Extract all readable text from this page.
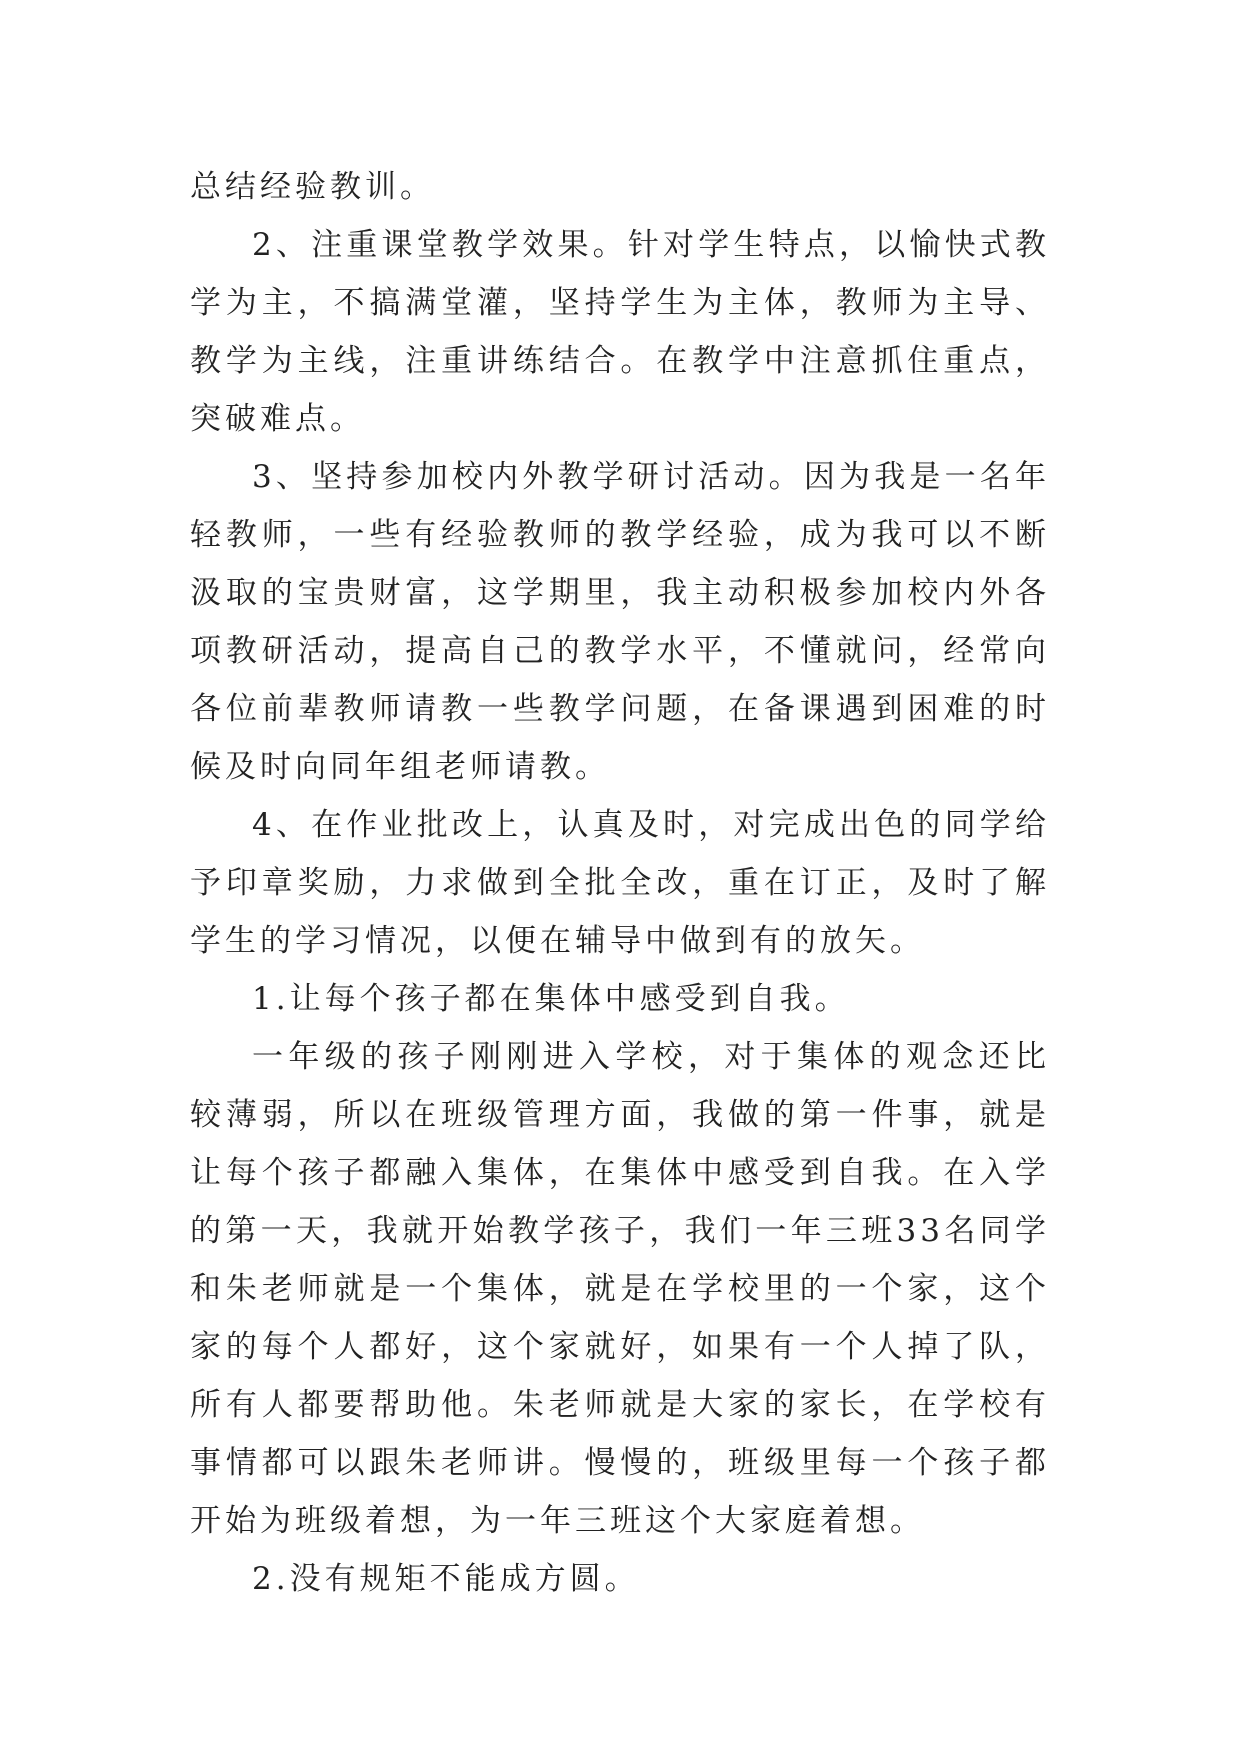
总结经验教训。

2、注重课堂教学效果。针对学生特点，以愉快式教学为主，不搞满堂灌，坚持学生为主体，教师为主导、教学为主线，注重讲练结合。在教学中注意抓住重点，突破难点。

3、坚持参加校内外教学研讨活动。因为我是一名年轻教师，一些有经验教师的教学经验，成为我可以不断汲取的宝贵财富，这学期里，我主动积极参加校内外各项教研活动，提高自己的教学水平，不懂就问，经常向各位前辈教师请教一些教学问题，在备课遇到困难的时候及时向同年组老师请教。

4、在作业批改上，认真及时，对完成出色的同学给予印章奖励，力求做到全批全改，重在订正，及时了解学生的学习情况，以便在辅导中做到有的放矢。

1.让每个孩子都在集体中感受到自我。

一年级的孩子刚刚进入学校，对于集体的观念还比较薄弱，所以在班级管理方面，我做的第一件事，就是让每个孩子都融入集体，在集体中感受到自我。在入学的第一天，我就开始教学孩子，我们一年三班33名同学和朱老师就是一个集体，就是在学校里的一个家，这个家的每个人都好，这个家就好，如果有一个人掉了队，所有人都要帮助他。朱老师就是大家的家长，在学校有事情都可以跟朱老师讲。慢慢的，班级里每一个孩子都开始为班级着想，为一年三班这个大家庭着想。

2.没有规矩不能成方圆。
